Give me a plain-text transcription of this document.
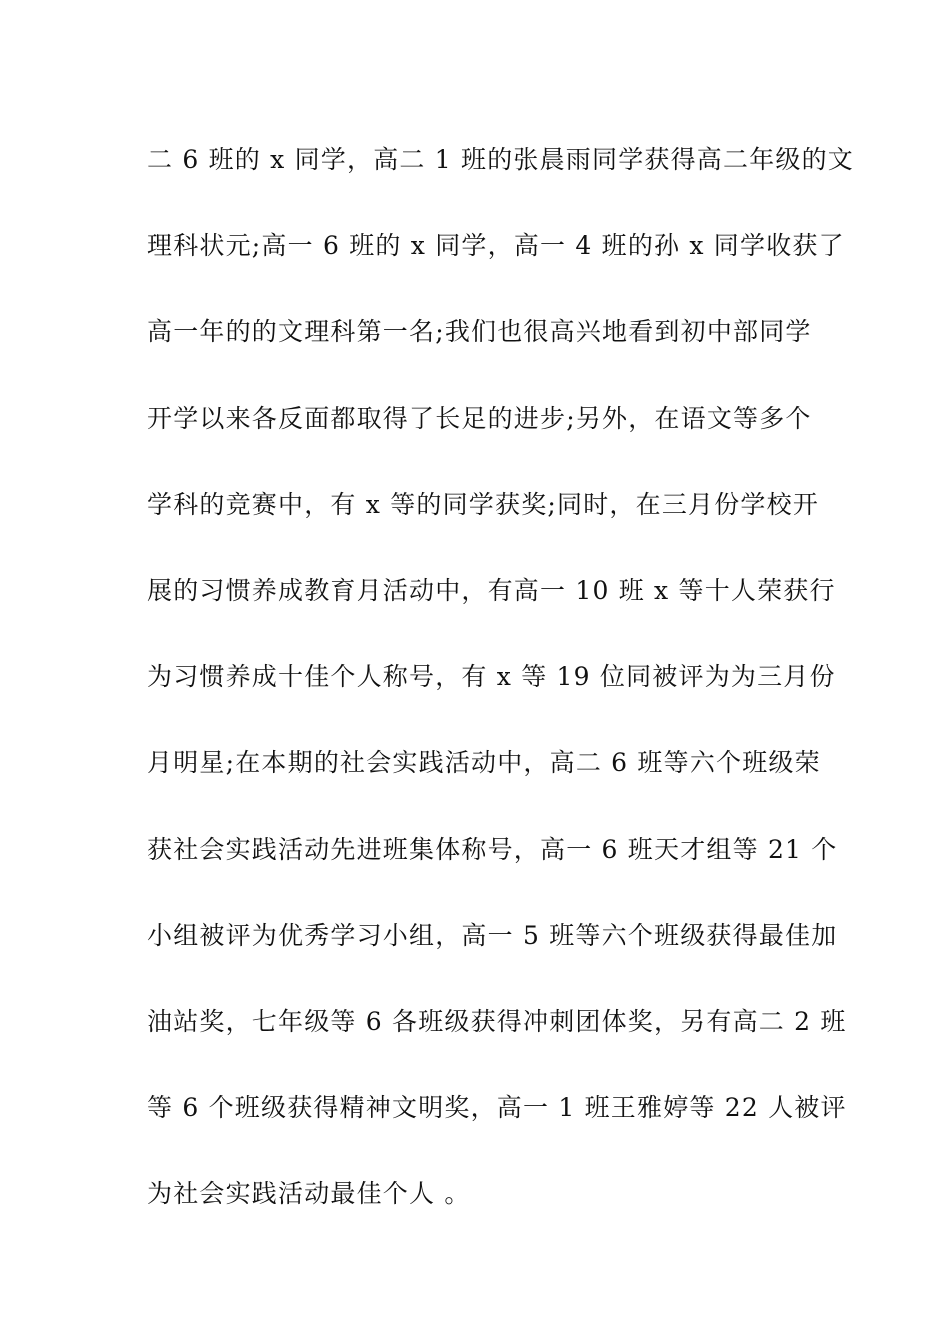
二 6 班的 x 同学，高二 1 班的张晨雨同学获得高二年级的文
理科状元;高一 6 班的 x 同学，高一 4 班的孙 x 同学收获了
高一年的的文理科第一名;我们也很高兴地看到初中部同学
开学以来各反面都取得了长足的进步;另外，在语文等多个
学科的竞赛中，有 x 等的同学获奖;同时，在三月份学校开
展的习惯养成教育月活动中，有高一 10 班 x 等十人荣获行
为习惯养成十佳个人称号，有 x 等 19 位同被评为为三月份
月明星;在本期的社会实践活动中，高二 6 班等六个班级荣
获社会实践活动先进班集体称号，高一 6 班天才组等 21 个
小组被评为优秀学习小组，高一 5 班等六个班级获得最佳加
油站奖，七年级等 6 各班级获得冲刺团体奖，另有高二 2 班
等 6 个班级获得精神文明奖，高一 1 班王雅婷等 22 人被评
为社会实践活动最佳个人 。
